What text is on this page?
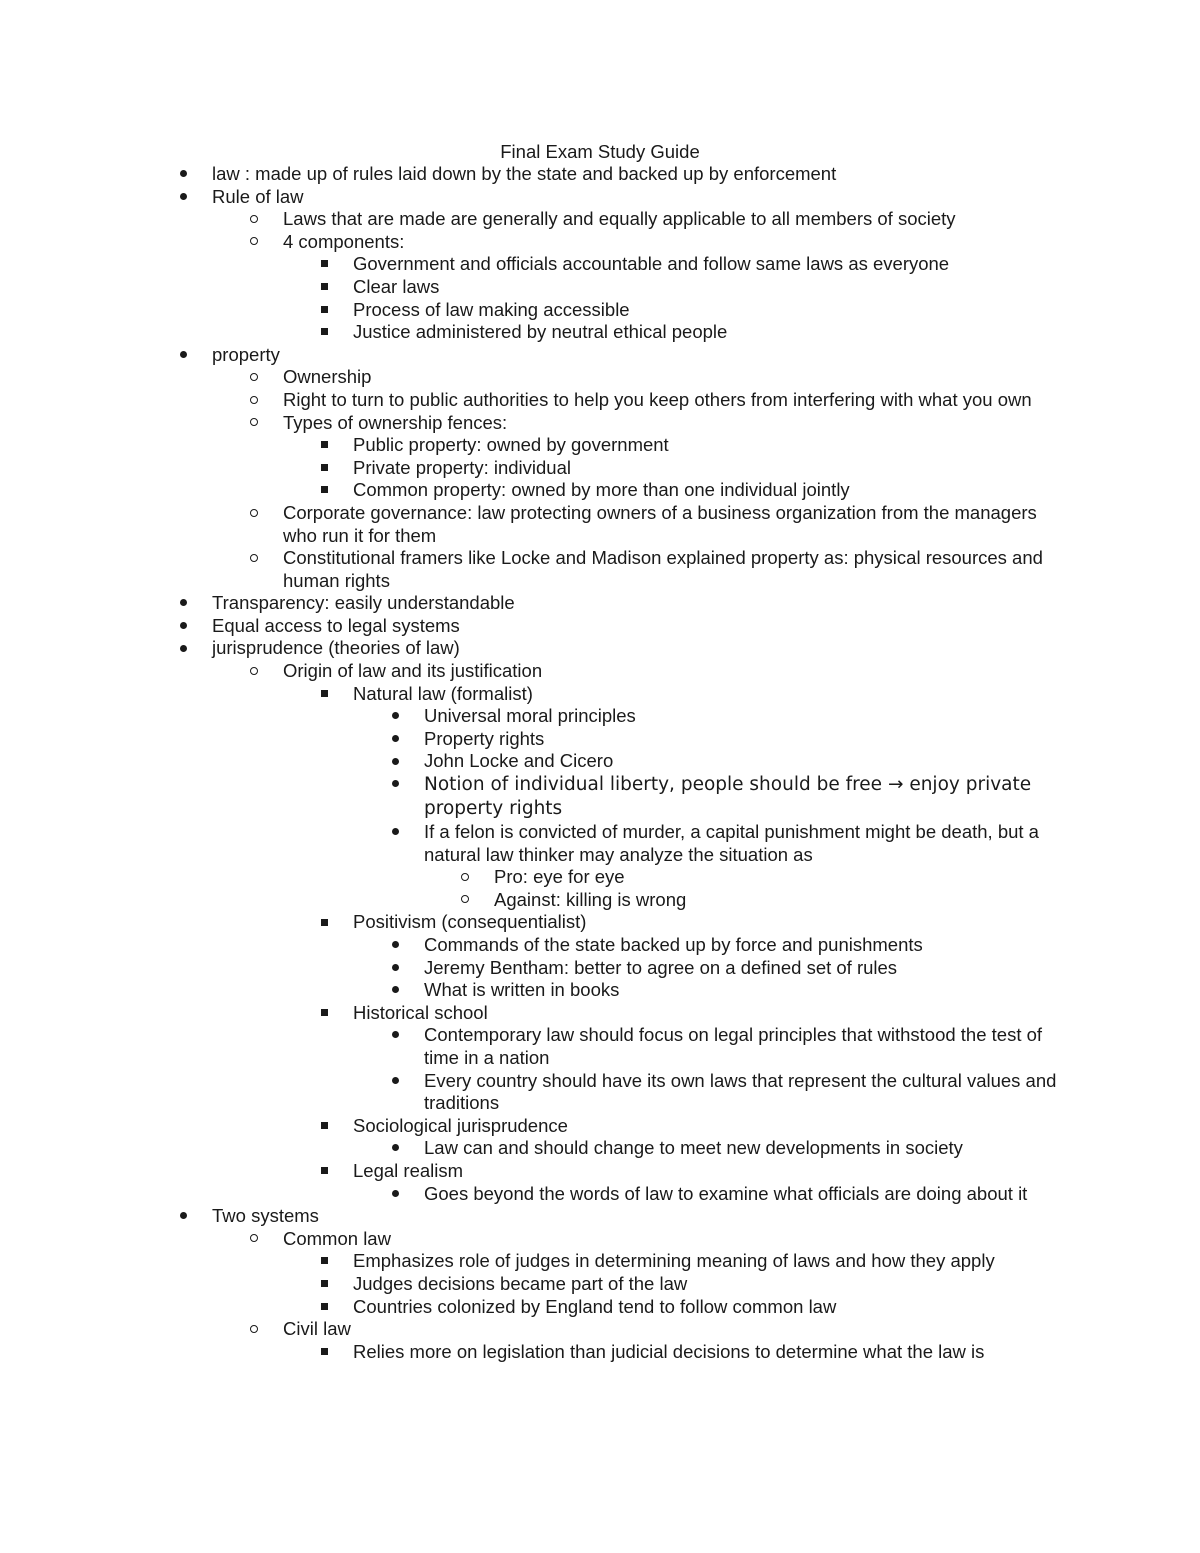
Final Exam Study Guide
law : made up of rules laid down by the state and backed up by enforcement
Rule of law
Laws that are made are generally and equally applicable to all members of society
4 components:
Government and officials accountable and follow same laws as everyone
Clear laws
Process of law making accessible
Justice administered by neutral ethical people
property
Ownership
Right to turn to public authorities to help you keep others from interfering with what you own
Types of ownership fences:
Public property: owned by government
Private property: individual
Common property: owned by more than one individual jointly
Corporate governance: law protecting owners of a business organization from the managers who run it for them
Constitutional framers like Locke and Madison explained property as: physical resources and human rights
Transparency: easily understandable
Equal access to legal systems
jurisprudence (theories of law)
Origin of law and its justification
Natural law (formalist)
Universal moral principles
Property rights
John Locke and Cicero
Notion of individual liberty, people should be free → enjoy private property rights
If a felon is convicted of murder, a capital punishment might be death, but a natural law thinker may analyze the situation as
Pro: eye for eye
Against: killing is wrong
Positivism (consequentialist)
Commands of the state backed up by force and punishments
Jeremy Bentham: better to agree on a defined set of rules
What is written in books
Historical school
Contemporary law should focus on legal principles that withstood the test of time in a nation
Every country should have its own laws that represent the cultural values and traditions
Sociological jurisprudence
Law can and should change to meet new developments in society
Legal realism
Goes beyond the words of law to examine what officials are doing about it
Two systems
Common law
Emphasizes role of judges in determining meaning of laws and how they apply
Judges decisions became part of the law
Countries colonized by England tend to follow common law
Civil law
Relies more on legislation than judicial decisions to determine what the law is
